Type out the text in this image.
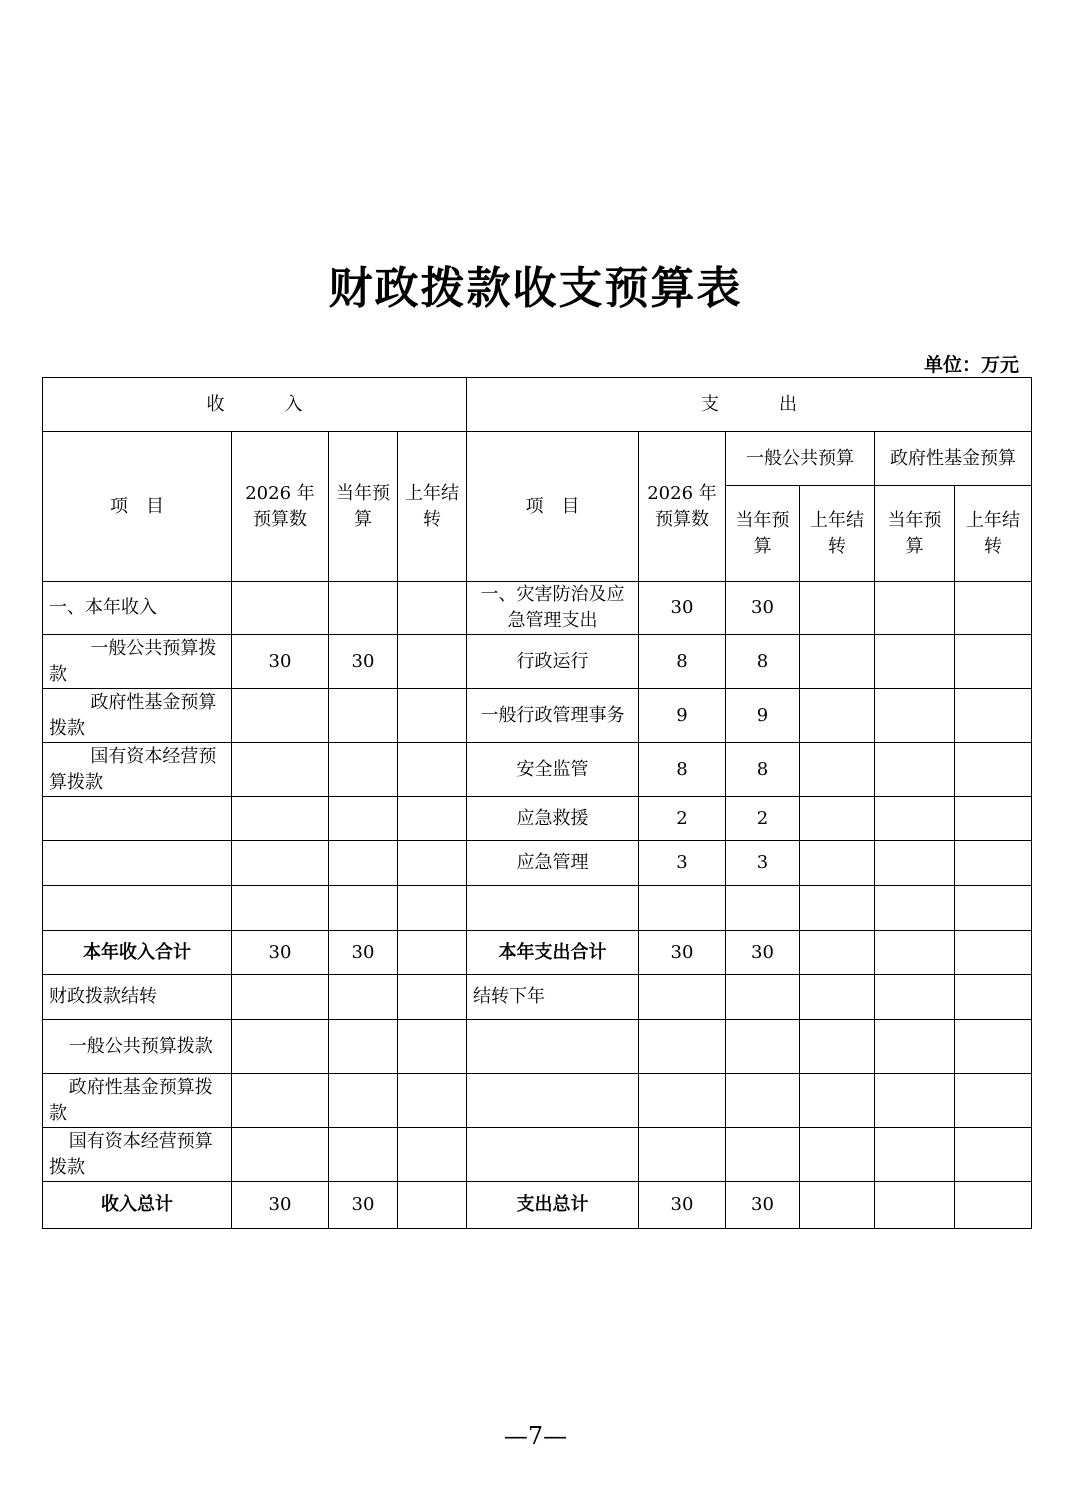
财政拨款收支预算表
单位：万元
收 入				支 出					
项　目	2026 年预算数	当年预算	上年结转	项　目	2026 年预算数	一般公共预算		政府性基金预算	
						当年预算	上年结转	当年预算	上年结转
一、本年收入				一、灾害防治及应急管理支出	30	30			
一般公共预算拨款	30	30		行政运行	8	8			
政府性基金预算拨款				一般行政管理事务	9	9			
国有资本经营预算拨款				安全监管	8	8			
				应急救援	2	2			
				应急管理	3	3			

本年收入合计	30	30		本年支出合计	30	30			
财政拨款结转				结转下年					
一般公共预算拨款									
政府性基金预算拨款									
国有资本经营预算拨款									
收入总计	30	30		支出总计	30	30			
—7—
